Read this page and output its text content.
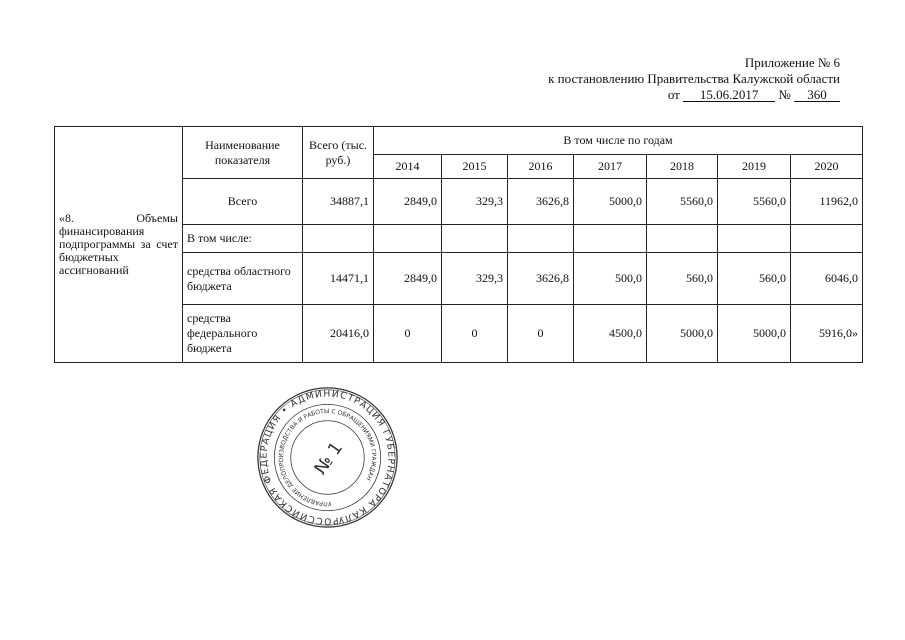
Приложение № 6
к постановлению Правительства Калужской области
от 15.06.2017 № 360
«8. Объемы финансирования подпрограммы за счет бюджетных ассигнований	Наименование показателя	Всего (тыс. руб.)	В том числе по годам						
			2014	2015	2016	2017	2018	2019	2020
	Всего	34887,1	2849,0	329,3	3626,8	5000,0	5560,0	5560,0	11962,0
	В том числе:								
	средства областного бюджета	14471,1	2849,0	329,3	3626,8	500,0	560,0	560,0	6046,0
	средства федерального бюджета	20416,0	0	0	0	4500,0	5000,0	5000,0	5916,0»
РОССИЙСКАЯ ФЕДЕРАЦИЯ • АДМИНИСТРАЦИЯ ГУБЕРНАТОРА КАЛУЖСКОЙ
УПРАВЛЕНИЕ ДЕЛОПРОИЗВОДСТВА И РАБОТЫ С ОБРАЩЕНИЯМИ ГРАЖДАН
№ 1
